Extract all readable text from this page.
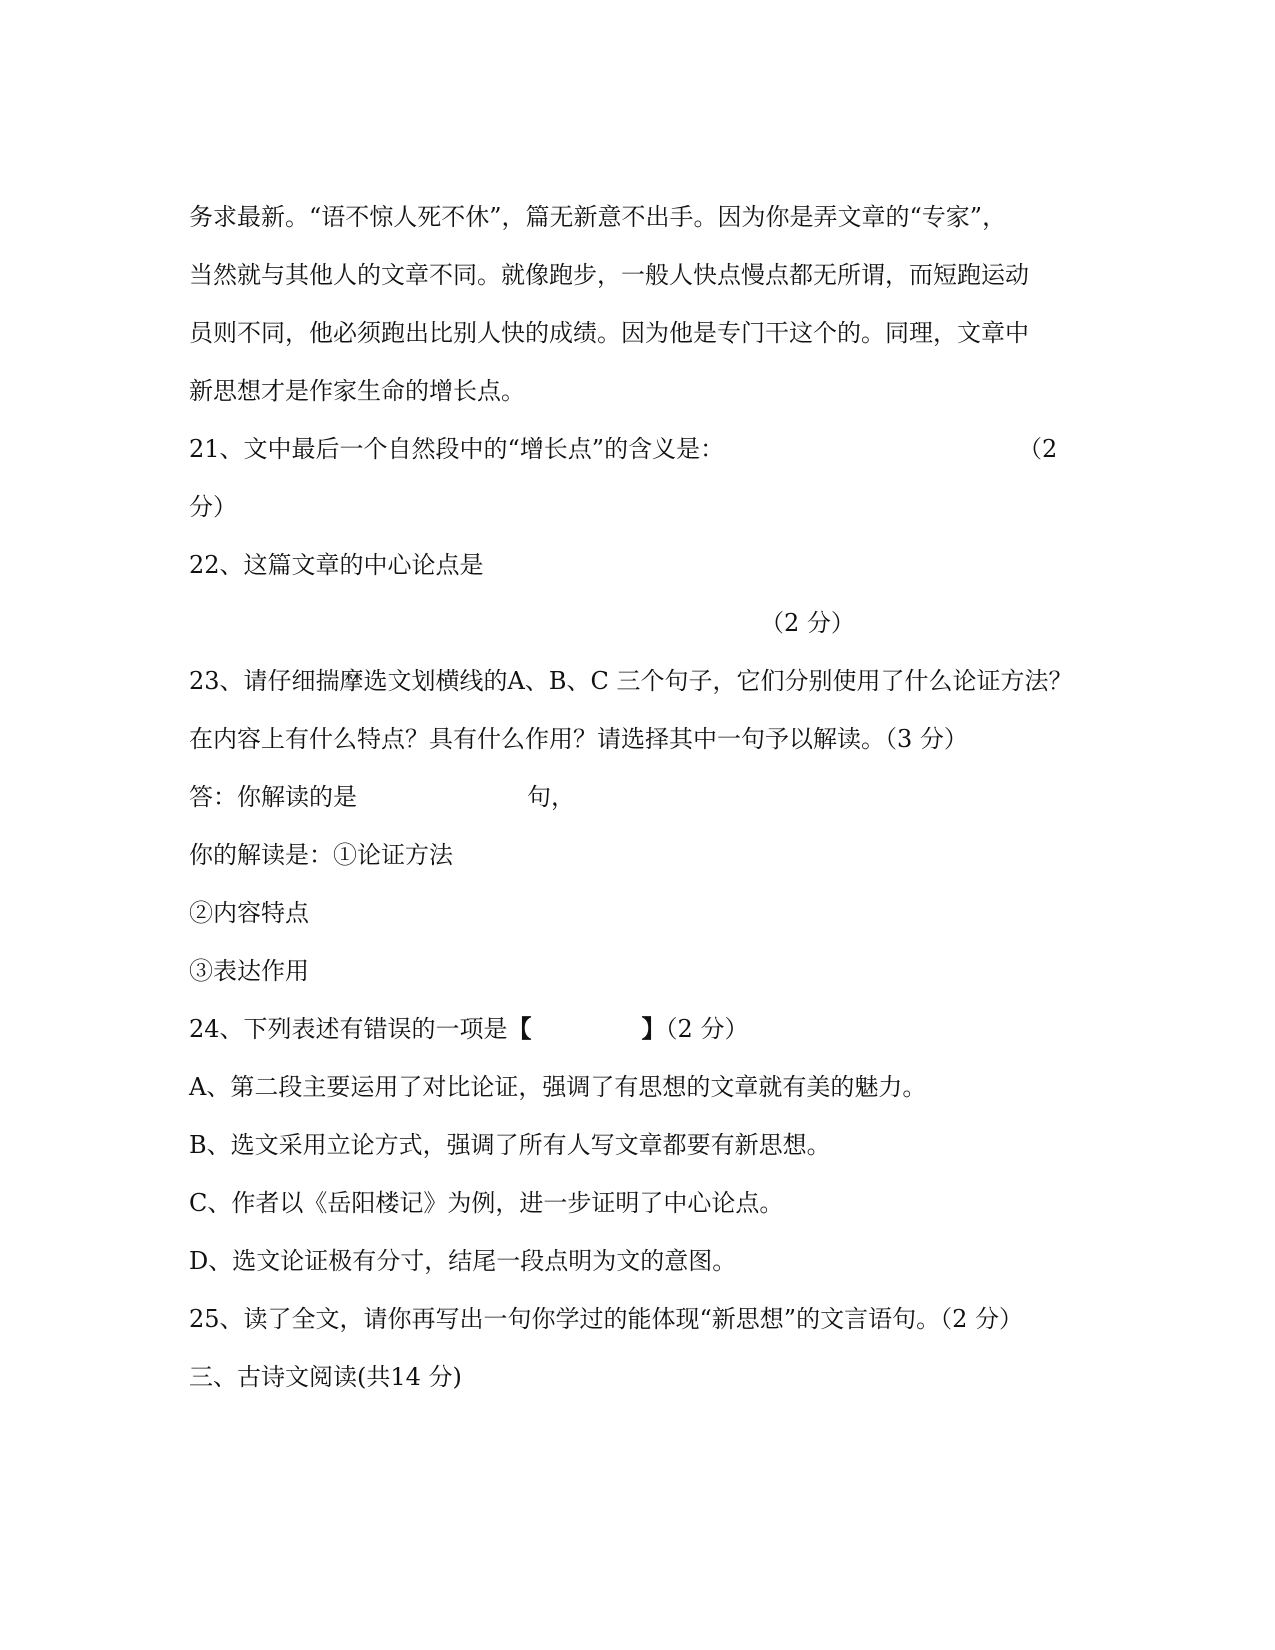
务求最新。“语不惊人死不休”，篇无新意不出手。因为你是弄文章的“专家”，
当然就与其他人的文章不同。就像跑步，一般人快点慢点都无所谓，而短跑运动
员则不同，他必须跑出比别人快的成绩。因为他是专门干这个的。同理，文章中
新思想才是作家生命的增长点。
21、文中最后一个自然段中的“增长点”的含义是：	（2
分）
22、这篇文章的中心论点是
（2 分）
23、请仔细揣摩选文划横线的A、B、C 三个句子，它们分别使用了什么论证方法？
在内容上有什么特点？具有什么作用？请选择其中一句予以解读。（3 分）
答：你解读的是	句，
你的解读是：①论证方法
②内容特点
③表达作用
24、下列表述有错误的一项是【	】（2 分）
A、第二段主要运用了对比论证，强调了有思想的文章就有美的魅力。
B、选文采用立论方式，强调了所有人写文章都要有新思想。
C、作者以《岳阳楼记》为例，进一步证明了中心论点。
D、选文论证极有分寸，结尾一段点明为文的意图。
25、读了全文，请你再写出一句你学过的能体现“新思想”的文言语句。（2 分）
三、古诗文阅读(共14 分)
